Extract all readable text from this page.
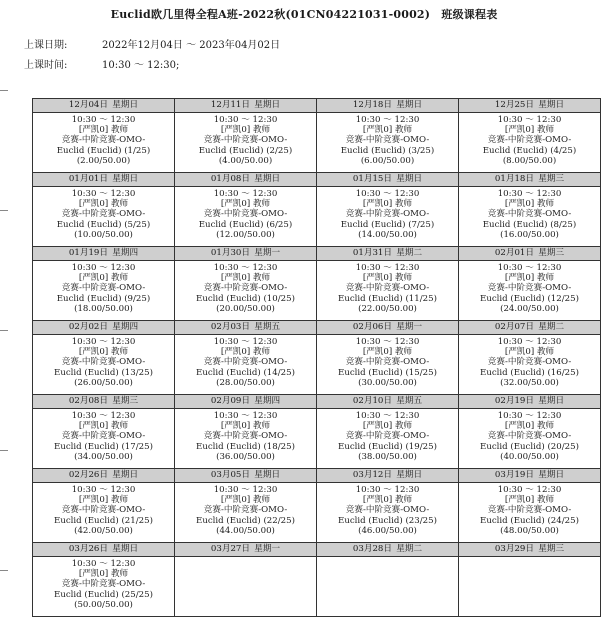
Euclid欧几里得全程A班-2022秋(01CN04221031-0002)　班级课程表
上课日期:	2022年12月04日 ～ 2023年04月02日
上课时间:	10:30 ～ 12:30;
12月04日  星期日	12月11日  星期日	12月18日  星期日	12月25日  星期日

10:30 ～ 12:30
[严凯0] 教师
竞赛-中阶竞赛-OMO-
Euclid (Euclid) (1/25)
(2.00/50.00)	10:30 ～ 12:30
[严凯0] 教师
竞赛-中阶竞赛-OMO-
Euclid (Euclid) (2/25)
(4.00/50.00)	10:30 ～ 12:30
[严凯0] 教师
竞赛-中阶竞赛-OMO-
Euclid (Euclid) (3/25)
(6.00/50.00)	10:30 ～ 12:30
[严凯0] 教师
竞赛-中阶竞赛-OMO-
Euclid (Euclid) (4/25)
(8.00/50.00)

01月01日  星期日	01月08日  星期日	01月15日  星期日	01月18日  星期三

10:30 ～ 12:30
[严凯0] 教师
竞赛-中阶竞赛-OMO-
Euclid (Euclid) (5/25)
(10.00/50.00)	10:30 ～ 12:30
[严凯0] 教师
竞赛-中阶竞赛-OMO-
Euclid (Euclid) (6/25)
(12.00/50.00)	10:30 ～ 12:30
[严凯0] 教师
竞赛-中阶竞赛-OMO-
Euclid (Euclid) (7/25)
(14.00/50.00)	10:30 ～ 12:30
[严凯0] 教师
竞赛-中阶竞赛-OMO-
Euclid (Euclid) (8/25)
(16.00/50.00)

01月19日  星期四	01月30日  星期一	01月31日  星期二	02月01日  星期三

10:30 ～ 12:30
[严凯0] 教师
竞赛-中阶竞赛-OMO-
Euclid (Euclid) (9/25)
(18.00/50.00)	10:30 ～ 12:30
[严凯0] 教师
竞赛-中阶竞赛-OMO-
Euclid (Euclid) (10/25)
(20.00/50.00)	10:30 ～ 12:30
[严凯0] 教师
竞赛-中阶竞赛-OMO-
Euclid (Euclid) (11/25)
(22.00/50.00)	10:30 ～ 12:30
[严凯0] 教师
竞赛-中阶竞赛-OMO-
Euclid (Euclid) (12/25)
(24.00/50.00)

02月02日  星期四	02月03日  星期五	02月06日  星期一	02月07日  星期二

10:30 ～ 12:30
[严凯0] 教师
竞赛-中阶竞赛-OMO-
Euclid (Euclid) (13/25)
(26.00/50.00)	10:30 ～ 12:30
[严凯0] 教师
竞赛-中阶竞赛-OMO-
Euclid (Euclid) (14/25)
(28.00/50.00)	10:30 ～ 12:30
[严凯0] 教师
竞赛-中阶竞赛-OMO-
Euclid (Euclid) (15/25)
(30.00/50.00)	10:30 ～ 12:30
[严凯0] 教师
竞赛-中阶竞赛-OMO-
Euclid (Euclid) (16/25)
(32.00/50.00)

02月08日  星期三	02月09日  星期四	02月10日  星期五	02月19日  星期日

10:30 ～ 12:30
[严凯0] 教师
竞赛-中阶竞赛-OMO-
Euclid (Euclid) (17/25)
(34.00/50.00)	10:30 ～ 12:30
[严凯0] 教师
竞赛-中阶竞赛-OMO-
Euclid (Euclid) (18/25)
(36.00/50.00)	10:30 ～ 12:30
[严凯0] 教师
竞赛-中阶竞赛-OMO-
Euclid (Euclid) (19/25)
(38.00/50.00)	10:30 ～ 12:30
[严凯0] 教师
竞赛-中阶竞赛-OMO-
Euclid (Euclid) (20/25)
(40.00/50.00)

02月26日  星期日	03月05日  星期日	03月12日  星期日	03月19日  星期日

10:30 ～ 12:30
[严凯0] 教师
竞赛-中阶竞赛-OMO-
Euclid (Euclid) (21/25)
(42.00/50.00)	10:30 ～ 12:30
[严凯0] 教师
竞赛-中阶竞赛-OMO-
Euclid (Euclid) (22/25)
(44.00/50.00)	10:30 ～ 12:30
[严凯0] 教师
竞赛-中阶竞赛-OMO-
Euclid (Euclid) (23/25)
(46.00/50.00)	10:30 ～ 12:30
[严凯0] 教师
竞赛-中阶竞赛-OMO-
Euclid (Euclid) (24/25)
(48.00/50.00)

03月26日  星期日	03月27日  星期一	03月28日  星期二	03月29日  星期三

10:30 ～ 12:30
[严凯0] 教师
竞赛-中阶竞赛-OMO-
Euclid (Euclid) (25/25)
(50.00/50.00)			
